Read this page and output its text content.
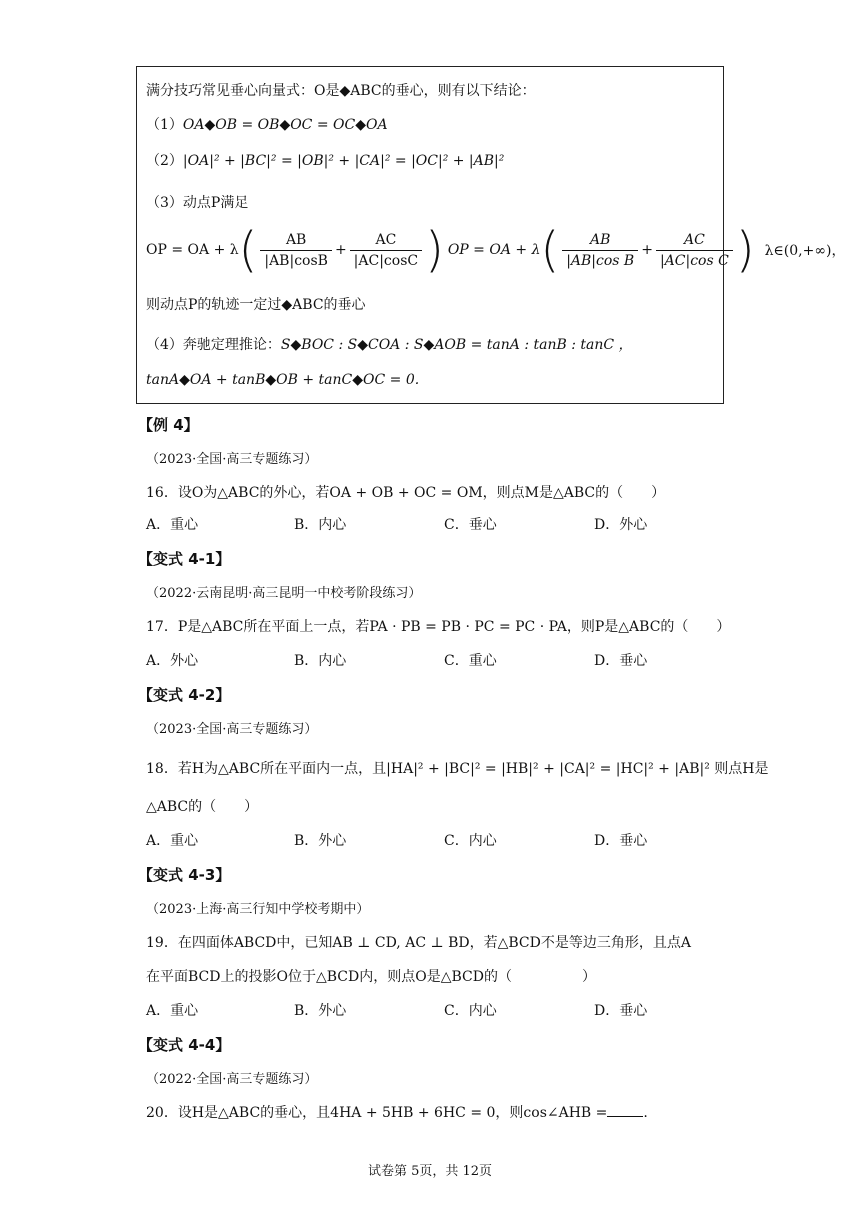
满分技巧常见垂心向量式：O是◆ABC的垂心，则有以下结论：
（1）OA◆OB = OB◆OC = OC◆OA
（2）|OA|² + |BC|² = |OB|² + |CA|² = |OC|² + |AB|²
（3）动点P满足
OP = OA + λ ( $\frac{AB}{|AB|\cos B} + \frac{AC}{|AC|\cos C}$ ) OP = OA + λ ( $\frac{AB}{\text{|AB|cos B}} + \frac{AC}{\text{|AC|cos C}}$ ) λ∈(0,+∞)，
则动点P的轨迹一定过◆ABC的垂心
（4）奔驰定理推论：S◆BOC : S◆COA : S◆AOB = tanA : tanB : tanC ，
tanA◆OA + tanB◆OB + tanC◆OC = 0.
【例 4】
（2023·全国·高三专题练习）
16．设O为△ABC的外心，若OA + OB + OC = OM，则点M是△ABC的（　　）
A．重心	B．内心	C．垂心	D．外心
【变式 4-1】
（2022·云南昆明·高三昆明一中校考阶段练习）
17．P是△ABC所在平面上一点，若PA · PB = PB · PC = PC · PA，则P是△ABC的（　　）
A．外心	B．内心	C．重心	D．垂心
【变式 4-2】
（2023·全国·高三专题练习）
18．若H为△ABC所在平面内一点，且|HA|² + |BC|² = |HB|² + |CA|² = |HC|² + |AB|² 则点H是
△ABC的（　　）
A．重心	B．外心	C．内心	D．垂心
【变式 4-3】
（2023·上海·高三行知中学校考期中）
19．在四面体ABCD中，已知AB ⊥ CD, AC ⊥ BD，若△BCD不是等边三角形，且点A
在平面BCD上的投影O位于△BCD内，则点O是△BCD的（　　　　　）
A．重心	B．外心	C．内心	D．垂心
【变式 4-4】
（2022·全国·高三专题练习）
20．设H是△ABC的垂心，且4HA + 5HB + 6HC = 0，则cos∠AHB =	.
试卷第 5页，共 12页
